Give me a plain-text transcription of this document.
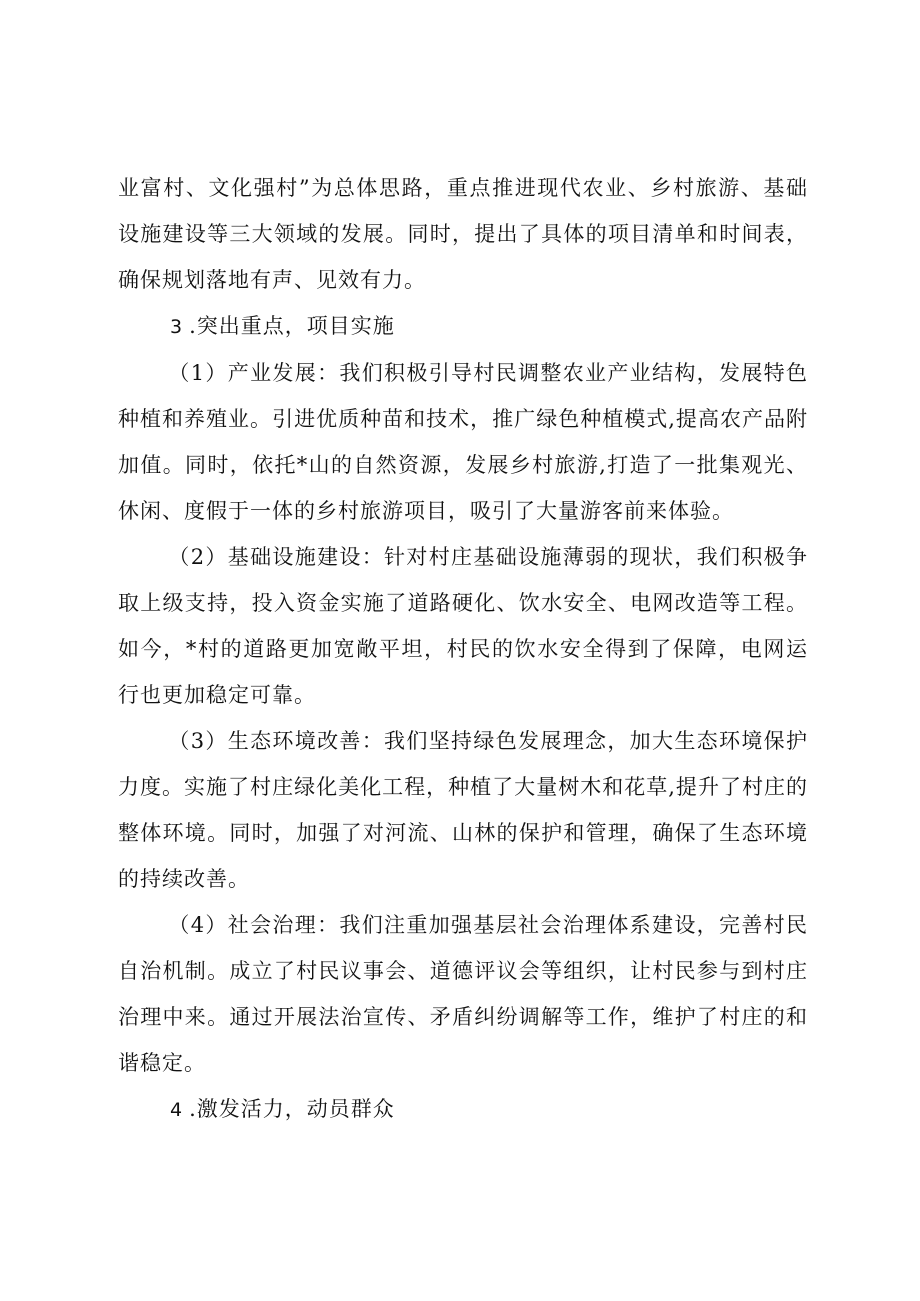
业富村、文化强村”为总体思路，重点推进现代农业、乡村旅游、基础设施建设等三大领域的发展。同时，提出了具体的项目清单和时间表，确保规划落地有声、见效有力。

3 .突出重点，项目实施

（1）产业发展：我们积极引导村民调整农业产业结构，发展特色种植和养殖业。引进优质种苗和技术，推广绿色种植模式,提高农产品附加值。同时，依托*山的自然资源，发展乡村旅游,打造了一批集观光、休闲、度假于一体的乡村旅游项目，吸引了大量游客前来体验。

（2）基础设施建设：针对村庄基础设施薄弱的现状，我们积极争取上级支持，投入资金实施了道路硬化、饮水安全、电网改造等工程。如今，*村的道路更加宽敞平坦，村民的饮水安全得到了保障，电网运行也更加稳定可靠。

（3）生态环境改善：我们坚持绿色发展理念，加大生态环境保护力度。实施了村庄绿化美化工程，种植了大量树木和花草,提升了村庄的整体环境。同时，加强了对河流、山林的保护和管理，确保了生态环境的持续改善。

（4）社会治理：我们注重加强基层社会治理体系建设，完善村民自治机制。成立了村民议事会、道德评议会等组织，让村民参与到村庄治理中来。通过开展法治宣传、矛盾纠纷调解等工作，维护了村庄的和谐稳定。

4 .激发活力，动员群众
